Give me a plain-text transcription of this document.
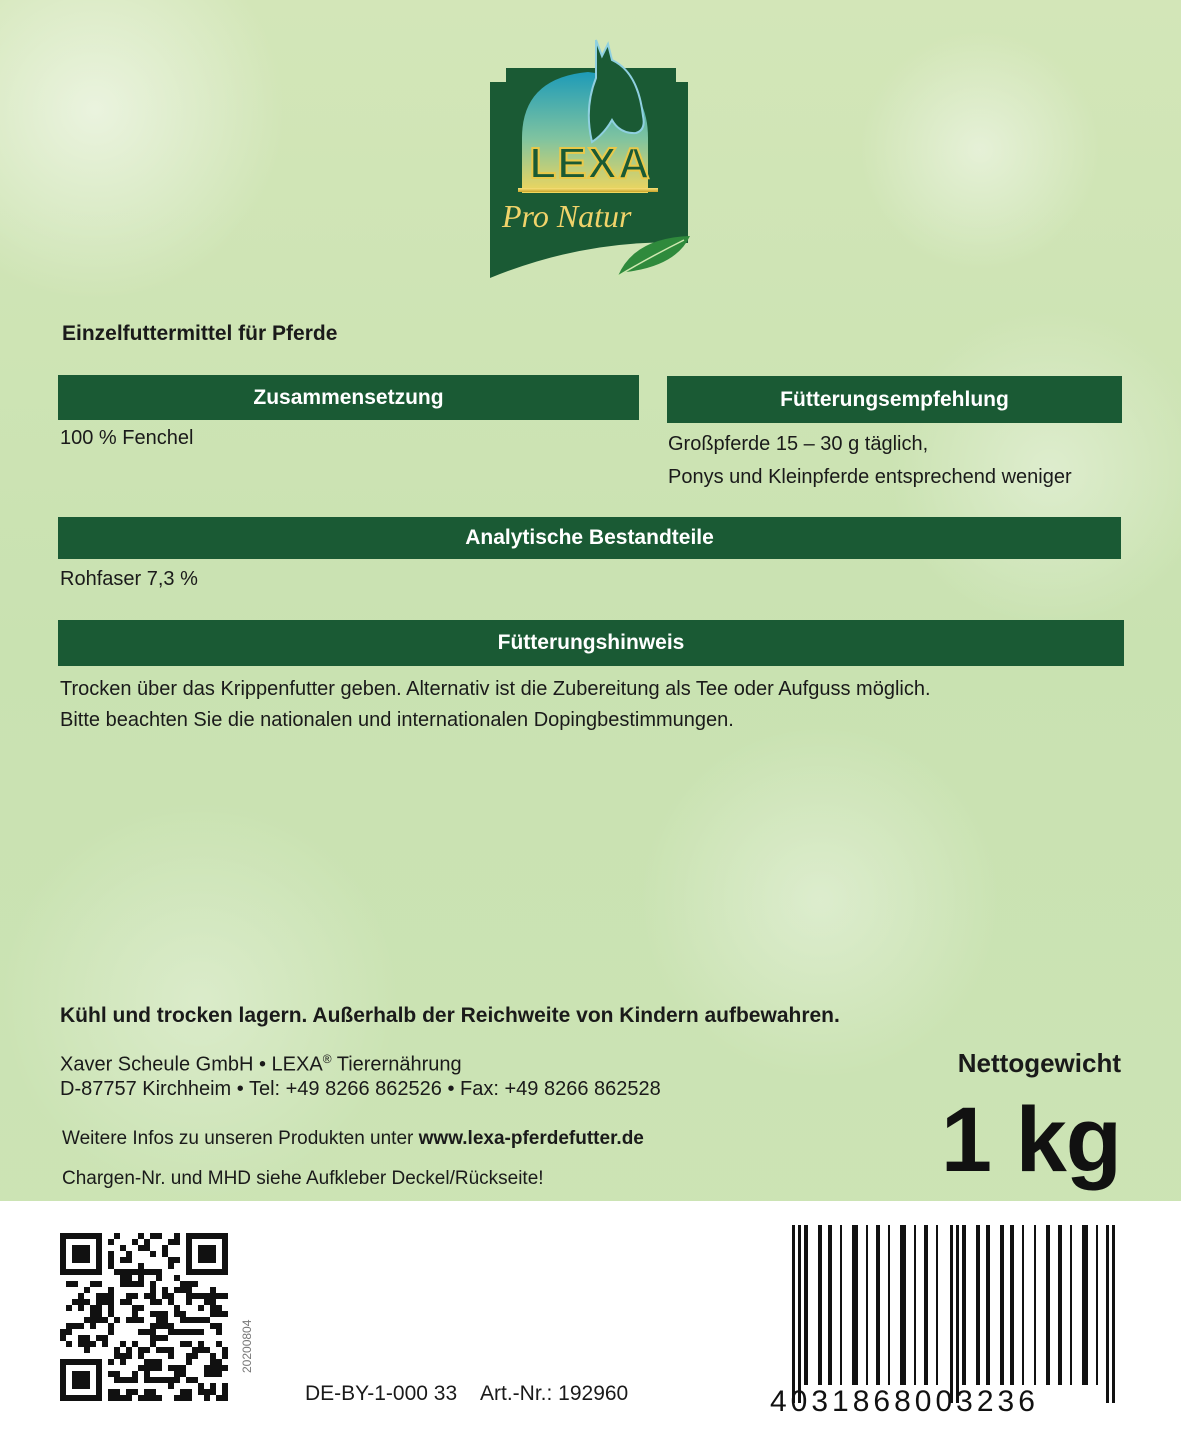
LEXA
Pro Natur
Einzelfuttermittel für Pferde
Zusammensetzung
100 % Fenchel
Fütterungsempfehlung
Großpferde 15 – 30 g täglich,
Ponys und Kleinpferde entsprechend weniger
Analytische Bestandteile
Rohfaser 7,3 %
Fütterungshinweis
Trocken über das Krippenfutter geben. Alternativ ist die Zubereitung als Tee oder Aufguss möglich.
Bitte beachten Sie die nationalen und internationalen Dopingbestimmungen.
Kühl und trocken lagern. Außerhalb der Reichweite von Kindern aufbewahren.
Xaver Scheule GmbH • LEXA® Tierernährung
D-87757 Kirchheim • Tel: +49 8266 862526 • Fax: +49 8266 862528
Weitere Infos zu unseren Produkten unter www.lexa-pferdefutter.de
Chargen-Nr. und MHD siehe Aufkleber Deckel/Rückseite!
Nettogewicht
1 kg
20200804
DE-BY-1-000 33 Art.-Nr.: 192960	4031868003236
